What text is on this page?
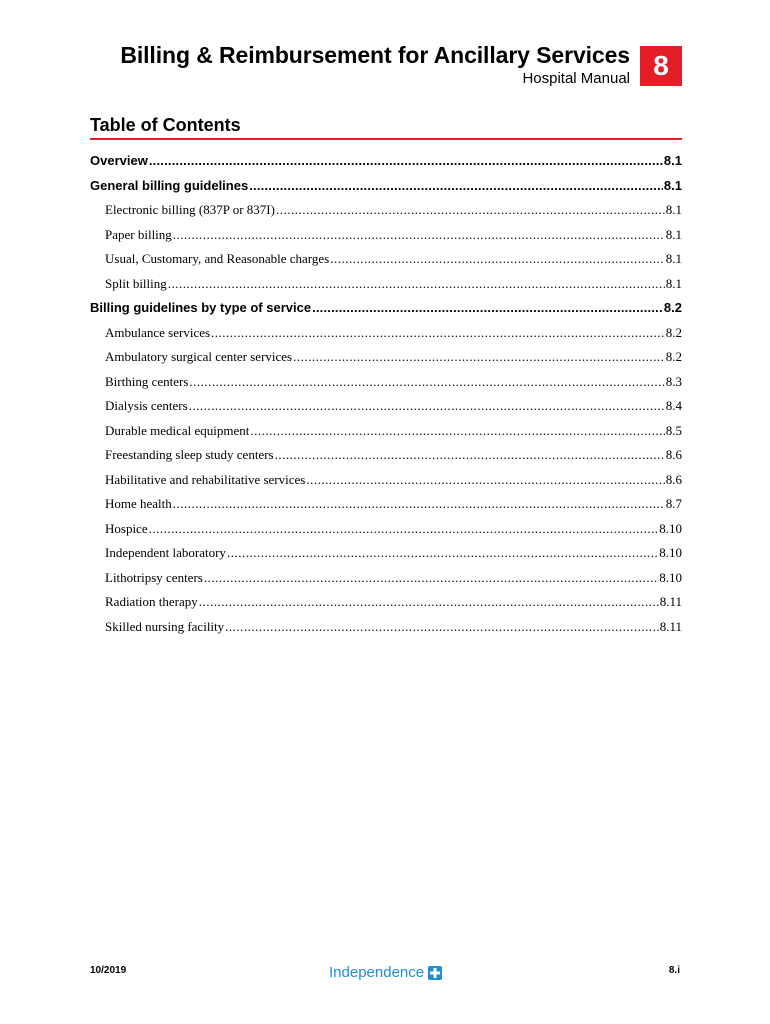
Billing & Reimbursement for Ancillary Services
Hospital Manual 8
Table of Contents
Overview .....	8.1
General billing guidelines .....	8.1
Electronic billing (837P or 837I) .....	8.1
Paper billing .....	8.1
Usual, Customary, and Reasonable charges .....	8.1
Split billing .....	8.1
Billing guidelines by type of service .....	8.2
Ambulance services .....	8.2
Ambulatory surgical center services .....	8.2
Birthing centers .....	8.3
Dialysis centers .....	8.4
Durable medical equipment .....	8.5
Freestanding sleep study centers .....	8.6
Habilitative and rehabilitative services .....	8.6
Home health .....	8.7
Hospice .....	8.10
Independent laboratory .....	8.10
Lithotripsy centers .....	8.10
Radiation therapy .....	8.11
Skilled nursing facility .....	8.11
10/2019	Independence	8.i
